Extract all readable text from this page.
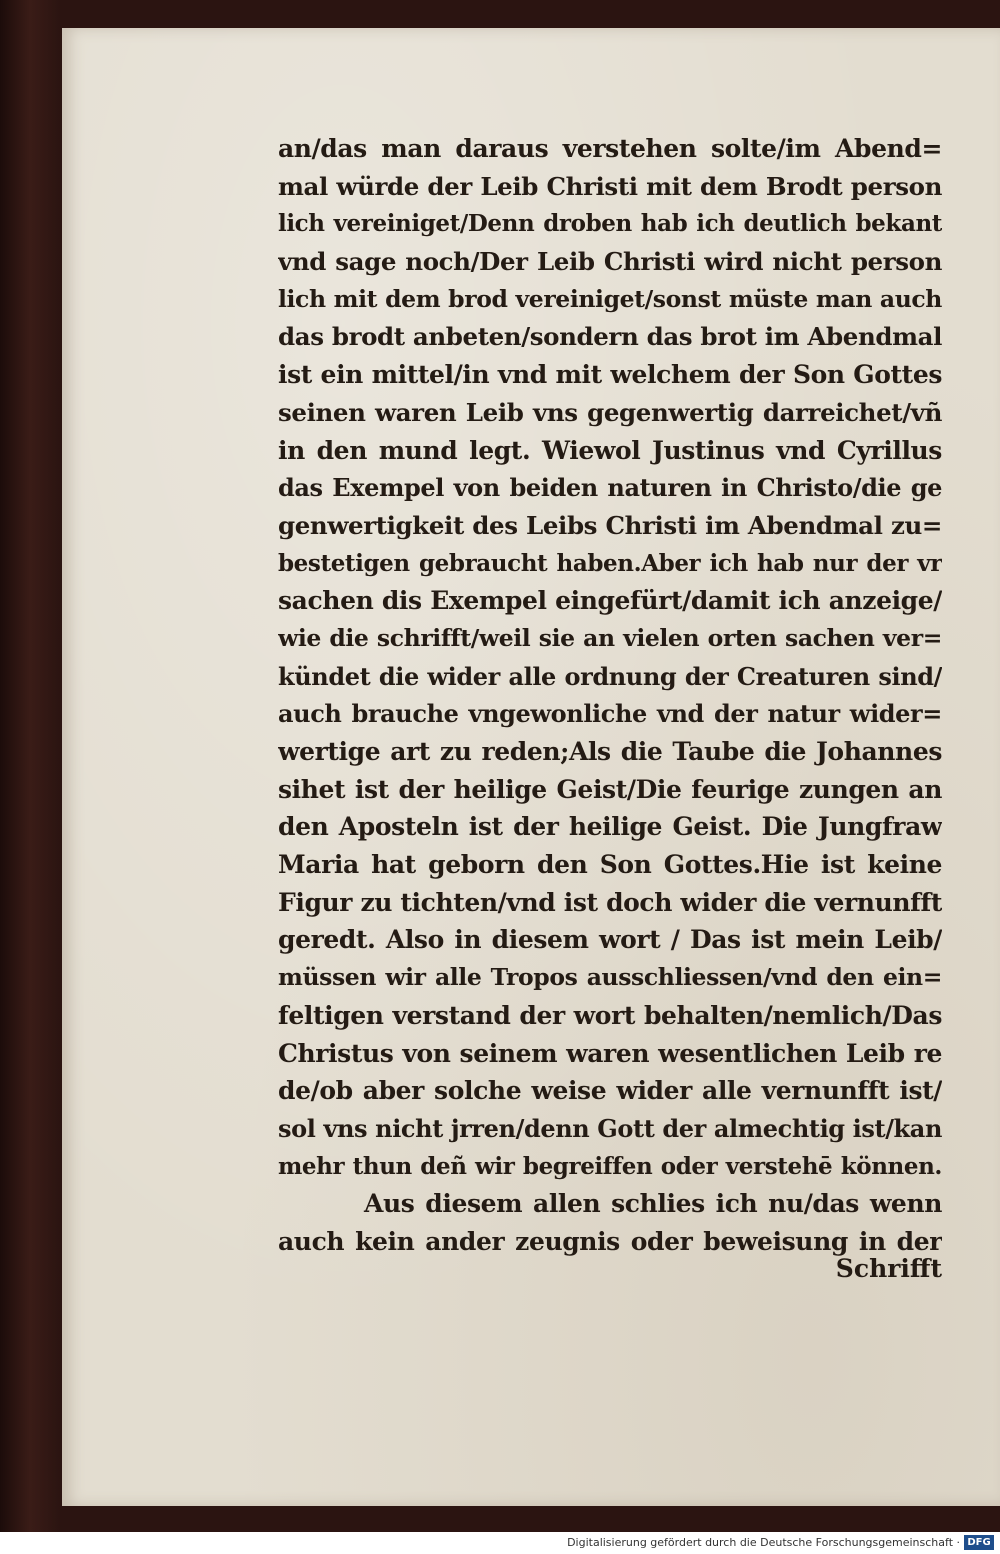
an/das man daraus verstehen solte/im Abend=
mal würde der Leib Christi mit dem Brodt person
lich vereiniget/Denn droben hab ich deutlich bekant
vnd sage noch/Der Leib Christi wird nicht person
lich mit dem brod vereiniget/sonst müste man auch
das brodt anbeten/sondern das brot im Abendmal
ist ein mittel/in vnd mit welchem der Son Gottes
seinen waren Leib vns gegenwertig darreichet/vñ
in den mund legt. Wiewol Justinus vnd Cyrillus
das Exempel von beiden naturen in Christo/die ge
genwertigkeit des Leibs Christi im Abendmal zu=
bestetigen gebraucht haben.Aber ich hab nur der vr
sachen dis Exempel eingefürt/damit ich anzeige/
wie die schrifft/weil sie an vielen orten sachen ver=
kündet die wider alle ordnung der Creaturen sind/
auch brauche vngewonliche vnd der natur wider=
wertige art zu reden;Als die Taube die Johannes
sihet ist der heilige Geist/Die feurige zungen an
den Aposteln ist der heilige Geist. Die Jungfraw
Maria hat geborn den Son Gottes.Hie ist keine
Figur zu tichten/vnd ist doch wider die vernunfft
geredt. Also in diesem wort / Das ist mein Leib/
müssen wir alle Tropos ausschliessen/vnd den ein=
feltigen verstand der wort behalten/nemlich/Das
Christus von seinem waren wesentlichen Leib re
de/ob aber solche weise wider alle vernunfft ist/
sol vns nicht jrren/denn Gott der almechtig ist/kan
mehr thun deñ wir begreiffen oder verstehē können.
Aus diesem allen schlies ich nu/das wenn
auch kein ander zeugnis oder beweisung in der
Schrifft
Digitalisierung gefördert durch die Deutsche Forschungsgemeinschaft · DFG
